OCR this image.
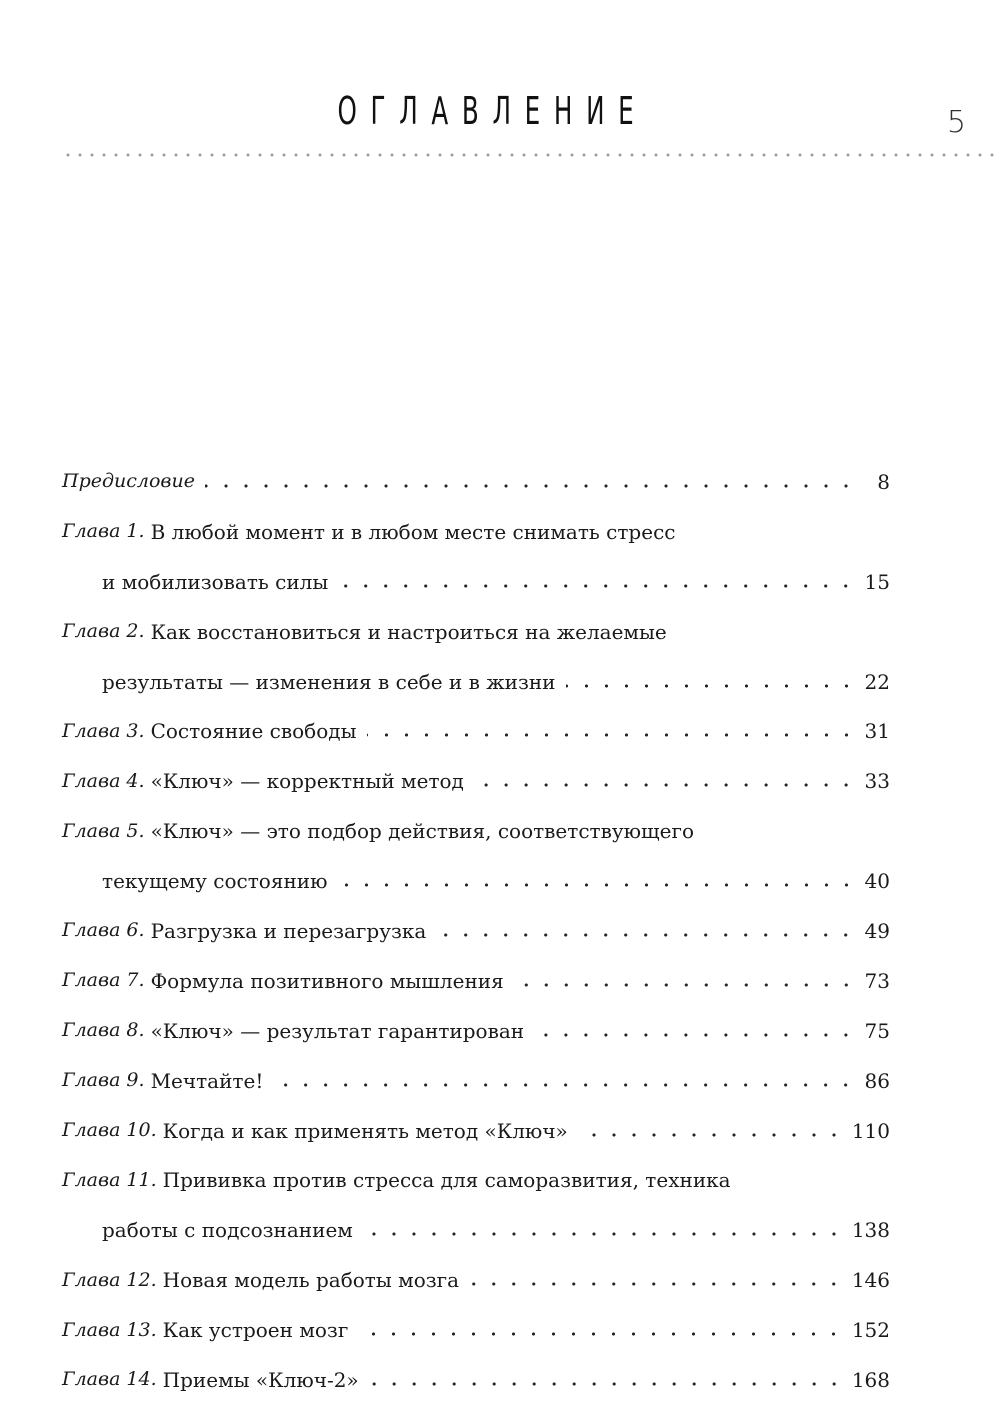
ОГЛАВЛЕНИЕ	5
Предисловие	8
Глава 1. В любой момент и в любом месте снимать стресс
и мобилизовать силы	15
Глава 2. Как восстановиться и настроиться на желаемые
результаты — изменения в себе и в жизни	22
Глава 3. Состояние свободы	31
Глава 4. «Ключ» — корректный метод	33
Глава 5. «Ключ» — это подбор действия, соответствующего
текущему состоянию	40
Глава 6. Разгрузка и перезагрузка	49
Глава 7. Формула позитивного мышления	73
Глава 8. «Ключ» — результат гарантирован	75
Глава 9. Мечтайте!	86
Глава 10. Когда и как применять метод «Ключ»	110
Глава 11. Прививка против стресса для саморазвития, техника
работы с подсознанием	138
Глава 12. Новая модель работы мозга	146
Глава 13. Как устроен мозг	152
Глава 14. Приемы «Ключ-2»	168
